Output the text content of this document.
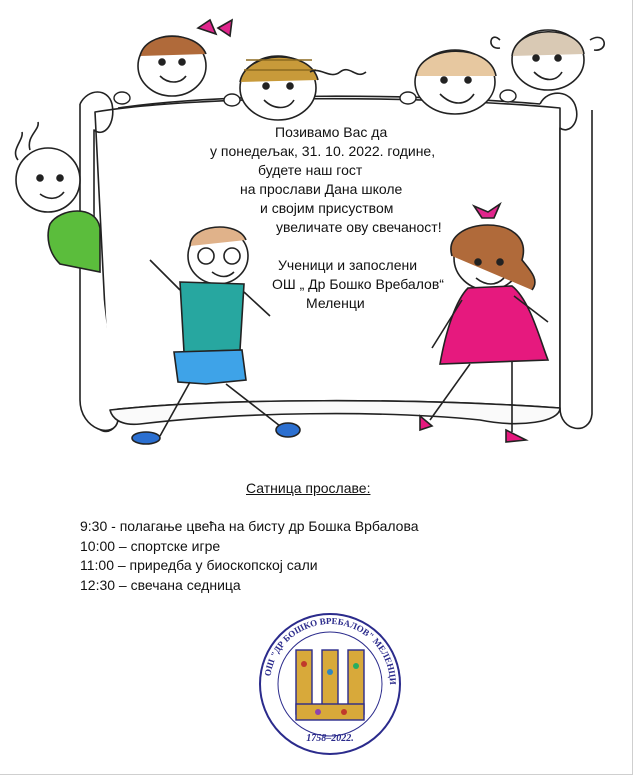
Позивамо Вас да
у понедељак, 31. 10. 2022. године,
будете наш гост
на прослави Дана школе
и својим присуством
увеличате ову свечаност!
Ученици и запослени
ОШ „ Др Бошко Вребалов“
Меленци
Сатница прославе:
9:30 - полагање цвећа на бисту др Бошка Врбалова
10:00 – спортске игре
11:00 – приредба у биоскопској сали
12:30 – свечана седница
ОШ "ДР БОШКО ВРЕБАЛОВ" МЕЛЕНЦИ
1758–2022.
